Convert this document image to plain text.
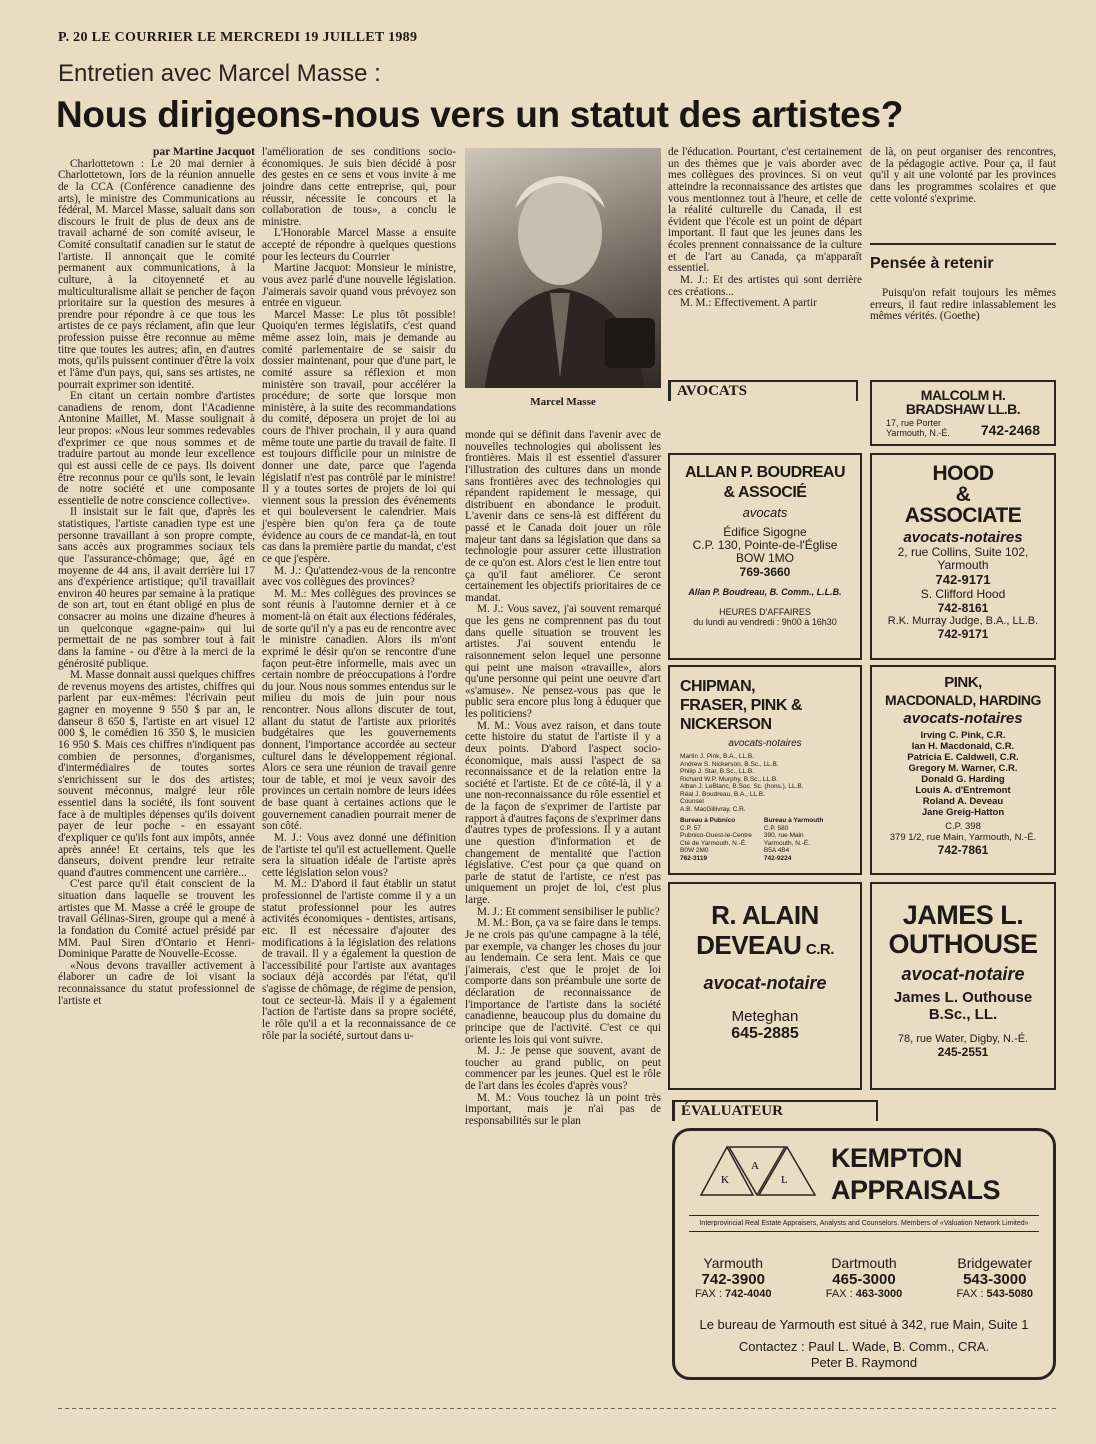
P. 20 LE COURRIER LE MERCREDI 19 JUILLET 1989
Entretien avec Marcel Masse :
Nous dirigeons-nous vers un statut des artistes?
par Martine Jacquot

Charlottetown : Le 20 mai dernier à Charlottetown, lors de la réunion annuelle de la CCA (Conférence canadienne des arts), le ministre des Communications au fédéral, M. Marcel Masse, saluait dans son discours le fruit de plus de deux ans de travail acharné de son comité aviseur, le Comité consultatif canadien sur le statut de l'artiste. Il annonçait que le comité permanent aux communications, à la culture, à la citoyenneté et au multiculturalisme allait se pencher de façon prioritaire sur la question des mesures à prendre pour répondre à ce que tous les artistes de ce pays réclament, afin que leur profession puisse être reconnue au même titre que toutes les autres; afin, en d'autres mots, qu'ils puissent continuer d'être la voix et l'âme d'un pays, qui, sans ses artistes, ne pourrait exprimer son identité.

En citant un certain nombre d'artistes canadiens de renom, dont l'Acadienne Antonine Maillet, M. Masse soulignait à leur propos: «Nous leur sommes redevables d'exprimer ce que nous sommes et de traduire partout au monde leur excellence qui est aussi celle de ce pays. Ils doivent être reconnus pour ce qu'ils sont, le levain de notre société et une composante essentielle de notre conscience collective».

Il insistait sur le fait que, d'après les statistiques, l'artiste canadien type est une personne travaillant à son propre compte, sans accès aux programmes sociaux tels que l'assurance-chômage; que, âgé en moyenne de 44 ans, il avait derrière lui 17 ans d'expérience artistique; qu'il travaillait environ 40 heures par semaine à la pratique de son art, tout en étant obligé en plus de consacrer au moins une dizaine d'heures à un quelconque «gagne-pain» qui lui permettait de ne pas sombrer tout à fait dans la famine - ou d'être à la merci de la générosité publique.

M. Masse donnait aussi quelques chiffres de revenus moyens des artistes, chiffres qui parlent par eux-mêmes: l'écrivain peut gagner en moyenne 9 550 $ par an, le danseur 8 650 $, l'artiste en art visuel 12 000 $, le comédien 16 350 $, le musicien 16 950 $. Mais ces chiffres n'indiquent pas combien de personnes, d'organismes, d'intermédiaires de toutes sortes s'enrichissent sur le dos des artistes; souvent méconnus, malgré leur rôle essentiel dans la société, ils font souvent face à de multiples dépenses qu'ils doivent payer de leur poche - en essayant d'expliquer ce qu'ils font aux impôts, année après année! Et certains, tels que les danseurs, doivent prendre leur retraite quand d'autres commencent une carrière...

C'est parce qu'il était conscient de la situation dans laquelle se trouvent les artistes que M. Masse a créé le groupe de travail Gélinas-Siren, groupe qui a mené à la fondation du Comité actuel présidé par MM. Paul Siren d'Ontario et Henri-Dominique Paratte de Nouvelle-Ecosse.

«Nous devons travailler activement à élaborer un cadre de loi visant la reconnaissance du statut professionnel de l'artiste et

l'amélioration de ses conditions socio-économiques. Je suis bien décidé à posr des gestes en ce sens et vous invite à me joindre dans cette entreprise, qui, pour réussir, nécessite le concours et la collaboration de tous», a conclu le ministre.

L'Honorable Marcel Masse a ensuite accepté de répondre à quelques questions pour les lecteurs du Courrier

Martine Jacquot: Monsieur le ministre, vous avez parlé d'une nouvelle législation. J'aimerais savoir quand vous prévoyez son entrée en vigueur.

Marcel Masse: Le plus tôt possible! Quoiqu'en termes législatifs, c'est quand même assez loin, mais je demande au comité parlementaire de se saisir du dossier maintenant, pour que d'une part, le comité assure sa réflexion et mon ministère son travail, pour accélérer la procédure; de sorte que lorsque mon ministère, à la suite des recommandations du comité, déposera un projet de loi au cours de l'hiver prochain, il y aura quand même toute une partie du travail de faite. Il est toujours difficile pour un ministre de donner une date, parce que l'agenda législatif n'est pas contrôlé par le ministre! Il y a toutes sortes de projets de loi qui viennent sous la pression des événements et qui bouleversent le calendrier. Mais j'espère bien qu'on fera ça de toute évidence au cours de ce mandat-là, en tout cas dans la première partie du mandat, c'est ce que j'espère.

M. J.: Qu'attendez-vous de la rencontre avec vos collègues des provinces?

M. M.: Mes collègues des provinces se sont réunis à l'automne dernier et à ce moment-là on était aux élections fédérales, de sorte qu'il n'y a pas eu de rencontre avec le ministre canadien. Alors ils m'ont exprimé le désir qu'on se rencontre d'une façon peut-être informelle, mais avec un certain nombre de préoccupations à l'ordre du jour. Nous nous sommes entendus sur le milieu du mois de juin pour nous rencontrer. Nous allons discuter de tout, allant du statut de l'artiste aux priorités budgétaires que les gouvernements donnent, l'importance accordée au secteur culturel dans le développement régional. Alors ce sera une réunion de travail genre tour de table, et moi je veux savoir des provinces un certain nombre de leurs idées de base quant à certaines actions que le gouvernement canadien pourrait mener de son côté.

M. J.: Vous avez donné une définition de l'artiste tel qu'il est actuellement. Quelle sera la situation idéale de l'artiste après cette législation selon vous?

M. M.: D'abord il faut établir un statut professionnel de l'artiste comme il y a un statut professionnel pour les autres activités économiques - dentistes, artisans, etc. Il est nécessaire d'ajouter des modifications à la législation des relations de travail. Il y a également la question de l'accessibilité pour l'artiste aux avantages sociaux déjà accordés par l'état, qu'il s'agisse de chômage, de régime de pension, tout ce secteur-là. Mais il y a également l'action de l'artiste dans sa propre société, le rôle qu'il a et la reconnaissance de ce rôle par la société, surtout dans u-

Marcel Masse

monde qui se définit dans l'avenir avec de nouvelles technologies qui abolissent les frontières. Mais il est essentiel d'assurer l'illustration des cultures dans un monde sans frontières avec des technologies qui répandent rapidement le message, qui distribuent en abondance le produit. L'avenir dans ce sens-là est différent du passé et le Canada doit jouer un rôle majeur tant dans sa législation que dans sa technologie pour assurer cette illustration de ce qu'on est. Alors c'est le lien entre tout ça qu'il faut améliorer. Ce seront certainement les objectifs prioritaires de ce mandat.

M. J.: Vous savez, j'ai souvent remarqué que les gens ne comprennent pas du tout dans quelle situation se trouvent les artistes. J'ai souvent entendu le raisonnement selon lequel une personne qui peint une maison «travaille», alors qu'une personne qui peint une oeuvre d'art «s'amuse». Ne pensez-vous pas que le public sera encore plus long à éduquer que les politiciens?

M. M.: Vous avez raison, et dans toute cette histoire du statut de l'artiste il y a deux points. D'abord l'aspect socio-économique, mais aussi l'aspect de sa reconnaissance et de la relation entre la société et l'artiste. Et de ce côté-là, il y a une non-reconnaissance du rôle essentiel et de la façon de s'exprimer de l'artiste par rapport à d'autres façons de s'exprimer dans d'autres types de professions. Il y a autant une question d'information et de changement de mentalité que l'action législative. C'est pour ça que quand on parle de statut de l'artiste, ce n'est pas uniquement un projet de loi, c'est plus large.

M. J.: Et comment sensibiliser le public?

M. M.: Bon, ça va se faire dans le temps. Je ne crois pas qu'une campagne à la télé, par exemple, va changer les choses du jour au lendemain. Ce sera lent. Mais ce que j'aimerais, c'est que le projet de loi comporte dans son préambule une sorte de déclaration de reconnaissance de l'importance de l'artiste dans la société canadienne, beaucoup plus du domaine du principe que de l'activité. C'est ce qui oriente les lois qui vont suivre.

M. J.: Je pense que souvent, avant de toucher au grand public, on peut commencer par les jeunes. Quel est le rôle de l'art dans les écoles d'après vous?

M. M.: Vous touchez là un point très important, mais je n'ai pas de responsabilités sur le plan

de l'éducation. Pourtant, c'est certainement un des thèmes que je vais aborder avec mes collègues des provinces. Si on veut atteindre la reconnaissance des artistes que vous mentionnez tout à l'heure, et celle de la réalité culturelle du Canada, il est évident que l'école est un point de départ important. Il faut que les jeunes dans les écoles prennent connaissance de la culture et de l'art au Canada, ça m'apparaît essentiel.

M. J.: Et des artistes qui sont derrière ces créations...

M. M.: Effectivement. A partir

de là, on peut organiser des rencontres, de la pédagogie active. Pour ça, il faut qu'il y ait une volonté par les provinces dans les programmes scolaires et que cette volonté s'exprime.

Pensée à retenir
Puisqu'on refait toujours les mêmes erreurs, il faut redire inlassablement les mêmes vérités. (Goethe)
AVOCATS	MALCOLM H.
BRADSHAW LL.B.
17, rue Porter
Yarmouth, N.-É. 742-2468
ALLAN P. BOUDREAU
& ASSOCIÉ
avocats
Édifice Sigogne
C.P. 130, Pointe-de-l'Église
BOW 1MO
769-3660
Allan P. Boudreau, B. Comm., L.L.B.
HEURES D'AFFAIRES
du lundi au vendredi : 9h00 à 16h30
HOOD
&
ASSOCIATE
avocats-notaires
2, rue Collins, Suite 102,
Yarmouth
742-9171
S. Clifford Hood
742-8161
R.K. Murray Judge, B.A., LL.B.
742-9171
CHIPMAN,
FRASER, PINK &
NICKERSON
avocats-notaires
Martin J. Pink, B.A., LL.B.
Andrew S. Nickerson, B.Sc., LL.B.
Philip J. Star, B.Sc., LL.B.
Richard W.P. Murphy, B.Sc., LL.B.
Alban J. LeBlanc, B.Soc. Sc. (hons.), LL.B.
Réal J. Boudreau, B.A., LL.B.
Counsel
A.B. MacGillivray, C.R.
Bureau à Pubnico
C.P. 57
Pubnico-Ouest-le-Centre
Cté de Yarmouth, N.-É.
B0W 2M0
762-3119
Bureau à Yarmouth
C.P. 580
390, rue Main
Yarmouth, N.-É.
B5A 4B4
742-9224
PINK,
MACDONALD, HARDING
avocats-notaires
Irving C. Pink, C.R.
Ian H. Macdonald, C.R.
Patricia E. Caldwell, C.R.
Gregory M. Warner, C.R.
Donald G. Harding
Louis A. d'Entremont
Roland A. Deveau
Jane Greig-Hatton
C.P. 398
379 1/2, rue Main, Yarmouth, N.-É.
742-7861
R. ALAIN
DEVEAU C.R.
avocat-notaire
Meteghan
645-2885
JAMES L.
OUTHOUSE
avocat-notaire
James L. Outhouse
B.Sc., LL.
78, rue Water, Digby, N.-É.
245-2551
ÉVALUATEUR
K
A
L
KEMPTON
APPRAISALS
Interprovincial Real Estate Appraisers, Analysts and Counselors. Members of «Valuation Network Limited»
Yarmouth
742-3900
FAX : 742-4040
Dartmouth
465-3000
FAX : 463-3000
Bridgewater
543-3000
FAX : 543-5080
Le bureau de Yarmouth est situé à 342, rue Main, Suite 1
Contactez : Paul L. Wade, B. Comm., CRA.
Peter B. Raymond
